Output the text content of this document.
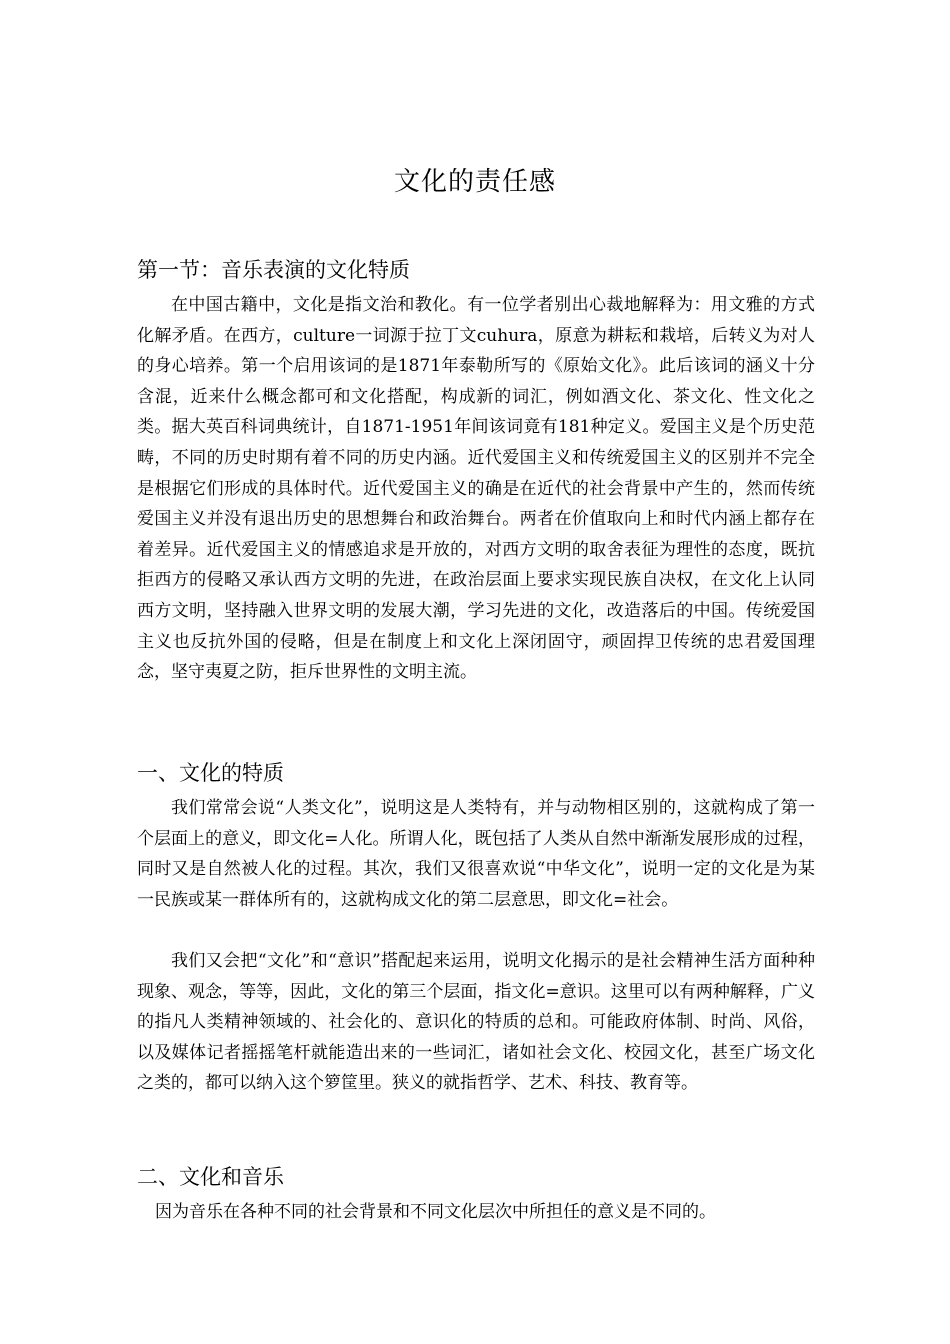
文化的责任感
第一节：音乐表演的文化特质
在中国古籍中，文化是指文治和教化。有一位学者别出心裁地解释为：用文雅的方式化解矛盾。在西方，culture一词源于拉丁文cuhura，原意为耕耘和栽培，后转义为对人的身心培养。第一个启用该词的是1871年泰勒所写的《原始文化》。此后该词的涵义十分含混，近来什么概念都可和文化搭配，构成新的词汇，例如酒文化、茶文化、性文化之类。据大英百科词典统计，自1871-1951年间该词竟有181种定义。爱国主义是个历史范畴，不同的历史时期有着不同的历史内涵。近代爱国主义和传统爱国主义的区别并不完全是根据它们形成的具体时代。近代爱国主义的确是在近代的社会背景中产生的，然而传统爱国主义并没有退出历史的思想舞台和政治舞台。两者在价值取向上和时代内涵上都存在着差异。近代爱国主义的情感追求是开放的，对西方文明的取舍表征为理性的态度，既抗拒西方的侵略又承认西方文明的先进，在政治层面上要求实现民族自决权，在文化上认同西方文明，坚持融入世界文明的发展大潮，学习先进的文化，改造落后的中国。传统爱国主义也反抗外国的侵略，但是在制度上和文化上深闭固守，顽固捍卫传统的忠君爱国理念，坚守夷夏之防，拒斥世界性的文明主流。
一、文化的特质
我们常常会说“人类文化”，说明这是人类特有，并与动物相区别的，这就构成了第一个层面上的意义，即文化=人化。所谓人化，既包括了人类从自然中渐渐发展形成的过程，同时又是自然被人化的过程。其次，我们又很喜欢说“中华文化”，说明一定的文化是为某一民族或某一群体所有的，这就构成文化的第二层意思，即文化=社会。
我们又会把“文化”和“意识”搭配起来运用，说明文化揭示的是社会精神生活方面种种现象、观念，等等，因此，文化的第三个层面，指文化=意识。这里可以有两种解释，广义的指凡人类精神领域的、社会化的、意识化的特质的总和。可能政府体制、时尚、风俗，以及媒体记者摇摇笔杆就能造出来的一些词汇，诸如社会文化、校园文化，甚至广场文化之类的，都可以纳入这个箩筐里。狭义的就指哲学、艺术、科技、教育等。
二、文化和音乐
因为音乐在各种不同的社会背景和不同文化层次中所担任的意义是不同的。
